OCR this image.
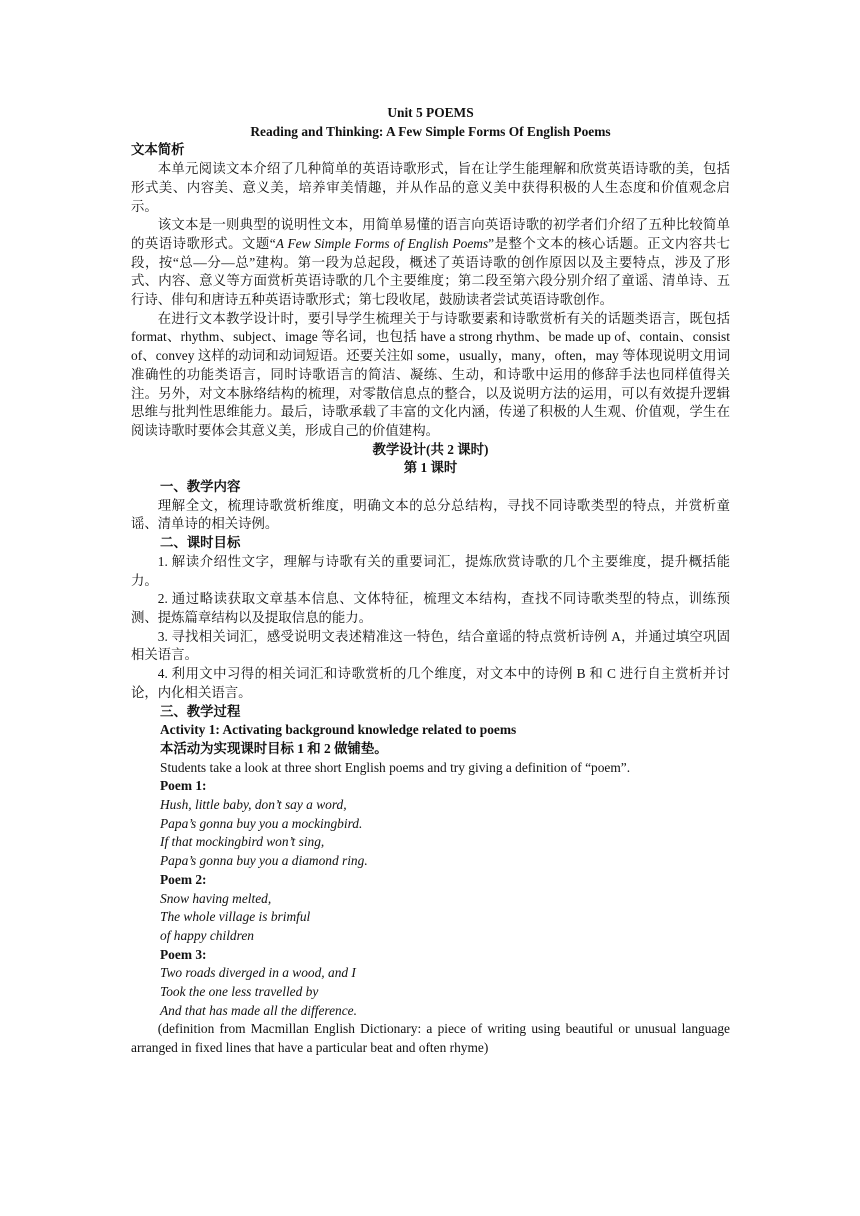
Unit 5 POEMS

Reading and Thinking: A Few Simple Forms Of English Poems

文本简析

本单元阅读文本介绍了几种简单的英语诗歌形式，旨在让学生能理解和欣赏英语诗歌的美，包括形式美、内容美、意义美，培养审美情趣，并从作品的意义美中获得积极的人生态度和价值观念启示。

该文本是一则典型的说明性文本，用简单易懂的语言向英语诗歌的初学者们介绍了五种比较简单的英语诗歌形式。文题“A Few Simple Forms of English Poems”是整个文本的核心话题。正文内容共七段，按“总—分—总”建构。第一段为总起段，概述了英语诗歌的创作原因以及主要特点，涉及了形式、内容、意义等方面赏析英语诗歌的几个主要维度；第二段至第六段分别介绍了童谣、清单诗、五行诗、俳句和唐诗五种英语诗歌形式；第七段收尾，鼓励读者尝试英语诗歌创作。

在进行文本教学设计时，要引导学生梳理关于与诗歌要素和诗歌赏析有关的话题类语言，既包括 format、rhythm、subject、image 等名词，也包括 have a strong rhythm、be made up of、contain、consist of、convey 这样的动词和动词短语。还要关注如 some，usually，many，often，may 等体现说明文用词准确性的功能类语言，同时诗歌语言的简洁、凝练、生动，和诗歌中运用的修辞手法也同样值得关注。另外，对文本脉络结构的梳理，对零散信息点的整合，以及说明方法的运用，可以有效提升逻辑思维与批判性思维能力。最后，诗歌承载了丰富的文化内涵，传递了积极的人生观、价值观，学生在阅读诗歌时要体会其意义美，形成自己的价值建构。

教学设计(共 2 课时)

第 1 课时

一、教学内容

理解全文，梳理诗歌赏析维度，明确文本的总分总结构，寻找不同诗歌类型的特点，并赏析童谣、清单诗的相关诗例。

二、课时目标

1. 解读介绍性文字，理解与诗歌有关的重要词汇，提炼欣赏诗歌的几个主要维度，提升概括能力。

2. 通过略读获取文章基本信息、文体特征，梳理文本结构，查找不同诗歌类型的特点，训练预测、提炼篇章结构以及提取信息的能力。

3. 寻找相关词汇，感受说明文表述精准这一特色，结合童谣的特点赏析诗例 A，并通过填空巩固相关语言。

4. 利用文中习得的相关词汇和诗歌赏析的几个维度，对文本中的诗例 B 和 C 进行自主赏析并讨论，内化相关语言。

三、教学过程

Activity 1: Activating background knowledge related to poems

本活动为实现课时目标 1 和 2 做铺垫。

Students take a look at three short English poems and try giving a definition of “poem”.

Poem 1:

Hush, little baby, don’t say a word,

Papa’s gonna buy you a mockingbird.

If that mockingbird won’t sing,

Papa’s gonna buy you a diamond ring.

Poem 2:

Snow having melted,

The whole village is brimful

of happy children

Poem 3:

Two roads diverged in a wood, and I

Took the one less travelled by

And that has made all the difference.

(definition from Macmillan English Dictionary: a piece of writing using beautiful or unusual language arranged in fixed lines that have a particular beat and often rhyme)
